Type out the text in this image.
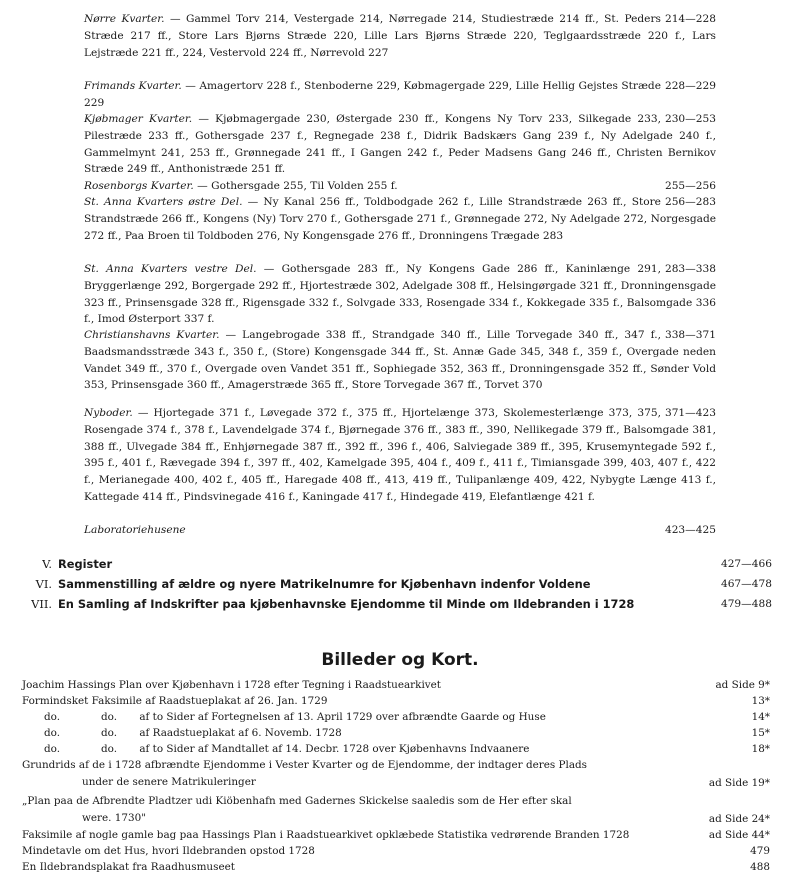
214—228
Nørre Kvarter. — Gammel Torv 214, Vestergade 214, Nørregade 214, Studiestræde 214 ff., St. Peders Stræde 217 ff., Store Lars Bjørns Stræde 220, Lille Lars Bjørns Stræde 220, Teglgaardsstræde 220 f., Lars Lejstræde 221 ff., 224, Vestervold 224 ff., Nørrevold 227
228—229
Frimands Kvarter. — Amagertorv 228 f., Stenboderne 229, Købmagergade 229, Lille Hellig Gejstes Stræde 229
230—253
Kjøbmager Kvarter. — Kjøbmagergade 230, Østergade 230 ff., Kongens Ny Torv 233, Silkegade 233, Pilestræde 233 ff., Gothersgade 237 f., Regnegade 238 f., Didrik Badskærs Gang 239 f., Ny Adelgade 240 f., Gammelmynt 241, 253 ff., Grønnegade 241 ff., I Gangen 242 f., Peder Madsens Gang 246 ff., Christen Bernikov Stræde 249 ff., Anthonistræde 251 ff.
255—256
Rosenborgs Kvarter. — Gothersgade 255, Til Volden 255 f.
256—283
St. Anna Kvarters østre Del. — Ny Kanal 256 ff., Toldbodgade 262 f., Lille Strandstræde 263 ff., Store Strandstræde 266 ff., Kongens (Ny) Torv 270 f., Gothersgade 271 f., Grønnegade 272, Ny Adelgade 272, Norgesgade 272 ff., Paa Broen til Toldboden 276, Ny Kongensgade 276 ff., Dronningens Trægade 283
283—338
St. Anna Kvarters vestre Del. — Gothersgade 283 ff., Ny Kongens Gade 286 ff., Kaninlænge 291, Bryggerlænge 292, Borgergade 292 ff., Hjortestræde 302, Adelgade 308 ff., Helsingørgade 321 ff., Dronningensgade 323 ff., Prinsensgade 328 ff., Rigensgade 332 f., Solvgade 333, Rosengade 334 f., Kokkegade 335 f., Balsomgade 336 f., Imod Østerport 337 f.
338—371
Christianshavns Kvarter. — Langebrogade 338 ff., Strandgade 340 ff., Lille Torvegade 340 ff., 347 f., Baadsmandsstræde 343 f., 350 f., (Store) Kongensgade 344 ff., St. Annæ Gade 345, 348 f., 359 f., Overgade neden Vandet 349 ff., 370 f., Overgade oven Vandet 351 ff., Sophiegade 352, 363 ff., Dronningensgade 352 ff., Sønder Vold 353, Prinsensgade 360 ff., Amagerstræde 365 ff., Store Torvegade 367 ff., Torvet 370
371—423
Nyboder. — Hjortegade 371 f., Løvegade 372 f., 375 ff., Hjortelænge 373, Skolemesterlænge 373, 375, Rosengade 374 f., 378 f., Lavendelgade 374 f., Bjørnegade 376 ff., 383 ff., 390, Nellikegade 379 ff., Balsomgade 381, 388 ff., Ulvegade 384 ff., Enhjørnegade 387 ff., 392 ff., 396 f., 406, Salviegade 389 ff., 395, Krusemyntegade 592 f., 395 f., 401 f., Rævegade 394 f., 397 ff., 402, Kamelgade 395, 404 f., 409 f., 411 f., Timiansgade 399, 403, 407 f., 422 f., Merianegade 400, 402 f., 405 ff., Haregade 408 ff., 413, 419 ff., Tulipanlænge 409, 422, Nybygte Længe 413 f., Kattegade 414 ff., Pindsvinegade 416 f., Kaningade 417 f., Hindegade 419, Elefantlænge 421 f.
423—425
Laboratoriehusene
V. Register	427—466
VI. Sammenstilling af ældre og nyere Matrikelnumre for Kjøbenhavn indenfor Voldene	467—478
VII. En Samling af Indskrifter paa kjøbenhavnske Ejendomme til Minde om Ildebranden i 1728	479—488
Billeder og Kort.
Joachim Hassings Plan over Kjøbenhavn i 1728 efter Tegning i Raadstuearkivet	ad Side 9*
Formindsket Faksimile af Raadstueplakat af 26. Jan. 1729	13*
do.	do. af to Sider af Fortegnelsen af 13. April 1729 over afbrændte Gaarde og Huse	14*
do.	do. af Raadstueplakat af 6. Novemb. 1728	15*
do.	do. af to Sider af Mandtallet af 14. Decbr. 1728 over Kjøbenhavns Indvaanere	18*
Grundrids af de i 1728 afbrændte Ejendomme i Vester Kvarter og de Ejendomme, der indtager deres Plads
under de senere Matrikuleringer	ad Side 19*
„Plan paa de Afbrendte Pladtzer udi Kiöbenhafn med Gadernes Skickelse saaledis som de Her efter skal
were. 1730"	ad Side 24*
Faksimile af nogle gamle bag paa Hassings Plan i Raadstuearkivet opklæbede Statistika vedrørende Branden 1728	ad Side 44*
Mindetavle om det Hus, hvori Ildebranden opstod 1728	479
En Ildebrandsplakat fra Raadhusmuseet	488
